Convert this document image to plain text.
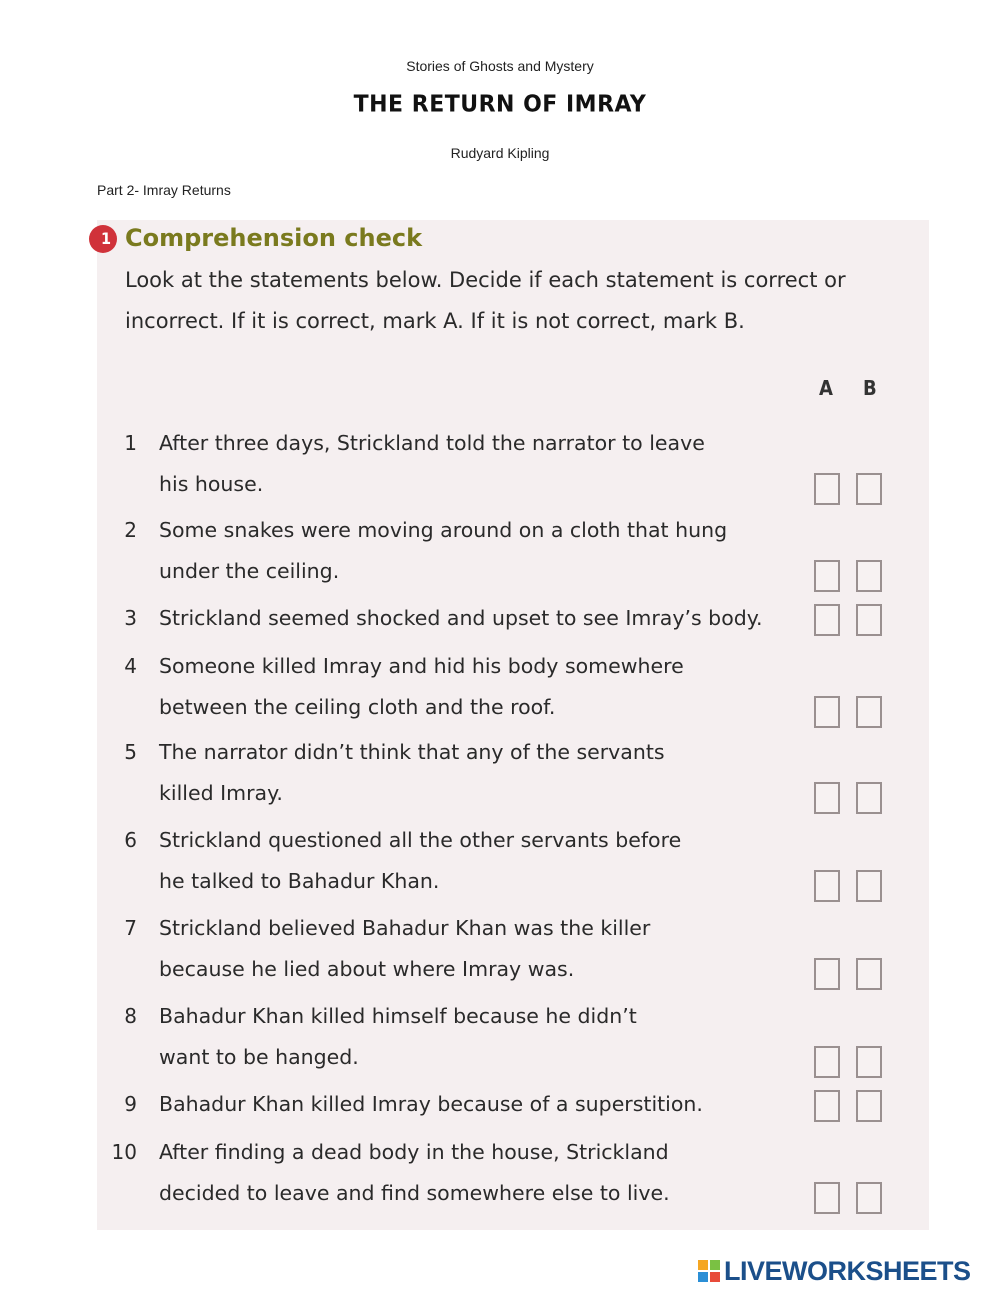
Stories of Ghosts and Mystery
THE RETURN OF IMRAY
Rudyard Kipling
Part 2- Imray Returns
1 Comprehension check
Look at the statements below. Decide if each statement is correct or incorrect. If it is correct, mark A. If it is not correct, mark B.
A B
1 After three days, Strickland told the narrator to leave
his house.
2 Some snakes were moving around on a cloth that hung
under the ceiling.
3 Strickland seemed shocked and upset to see Imray’s body.
4 Someone killed Imray and hid his body somewhere
between the ceiling cloth and the roof.
5 The narrator didn’t think that any of the servants
killed Imray.
6 Strickland questioned all the other servants before
he talked to Bahadur Khan.
7 Strickland believed Bahadur Khan was the killer
because he lied about where Imray was.
8 Bahadur Khan killed himself because he didn’t
want to be hanged.
9 Bahadur Khan killed Imray because of a superstition.
10 After finding a dead body in the house, Strickland
decided to leave and find somewhere else to live.
LIVEWORKSHEETS
